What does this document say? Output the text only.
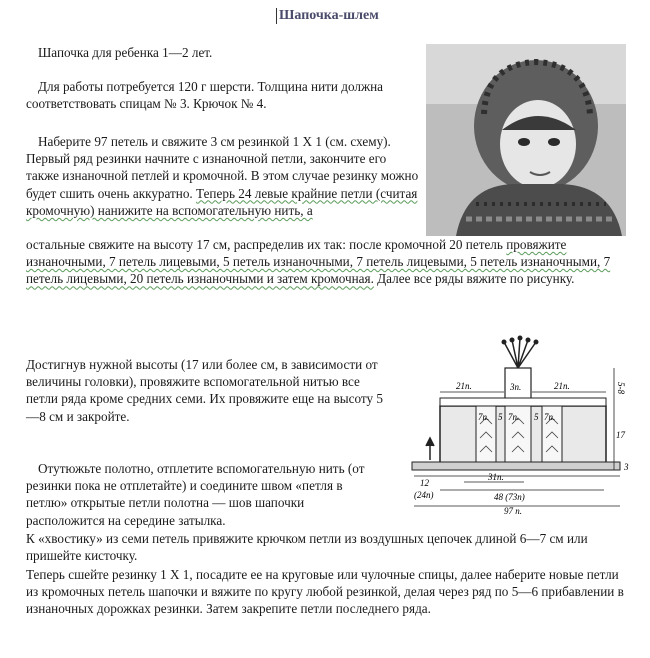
Шапочка-шлем

Шапочка для ребенка 1—2 лет.

Для работы потребуется 120 г шерсти. Толщина нити должна соответствовать спицам № 3. Крючок № 4.

Наберите 97 петель и свяжите 3 см резинкой 1 X 1 (см. схему). Первый ряд резинки начните с изнаночной петли, закончите его также изнаночной петлей и кромочной. В этом случае резинку можно будет сшить очень аккуратно. Теперь 24 левые крайние петли (считая кромочную) нанижите на вспомогательную нить, а
остальные свяжите на высоту 17 см, распределив их так: после кромочной 20 петель провяжите изнаночными, 7 петель лицевыми, 5 петель изнаночными, 7 петель лицевыми, 5 петель изнаночными, 7 петель лицевыми, 20 петель изнаночными и затем кромочная. Далее все ряды вяжите по рисунку.

Достигнув нужной высоты (17 или более см, в зависимости от величины головки), провяжите вспомогательной нитью все петли ряда кроме средних семи. Их провяжите еще на высоту 5—8 см и закройте.

Отутюжьте полотно, отплетите вспомогательную нить (от резинки пока не отплетайте) и соедините швом «петля в петлю» открытые петли полотна — шов шапочки расположится на середине затылка.

К «хвостику» из семи петель привяжите крючком петли из воздушных цепочек длиной 6—7 см или пришейте кисточку.

Теперь сшейте резинку 1 X 1, посадите ее на круговые или чулочные спицы, далее наберите новые петли из кромочных петель шапочки и вяжите по кругу любой резинкой, делая через ряд по 5—6 прибавлении в изнаночных дорожках резинки. Затем закрепите петли последнего ряда.

21п.	3п.	21п.	5-8
17
3
7п. 5 7п. 5 7п.
12
(24п)
31п.
48 (73п)
97 п.
